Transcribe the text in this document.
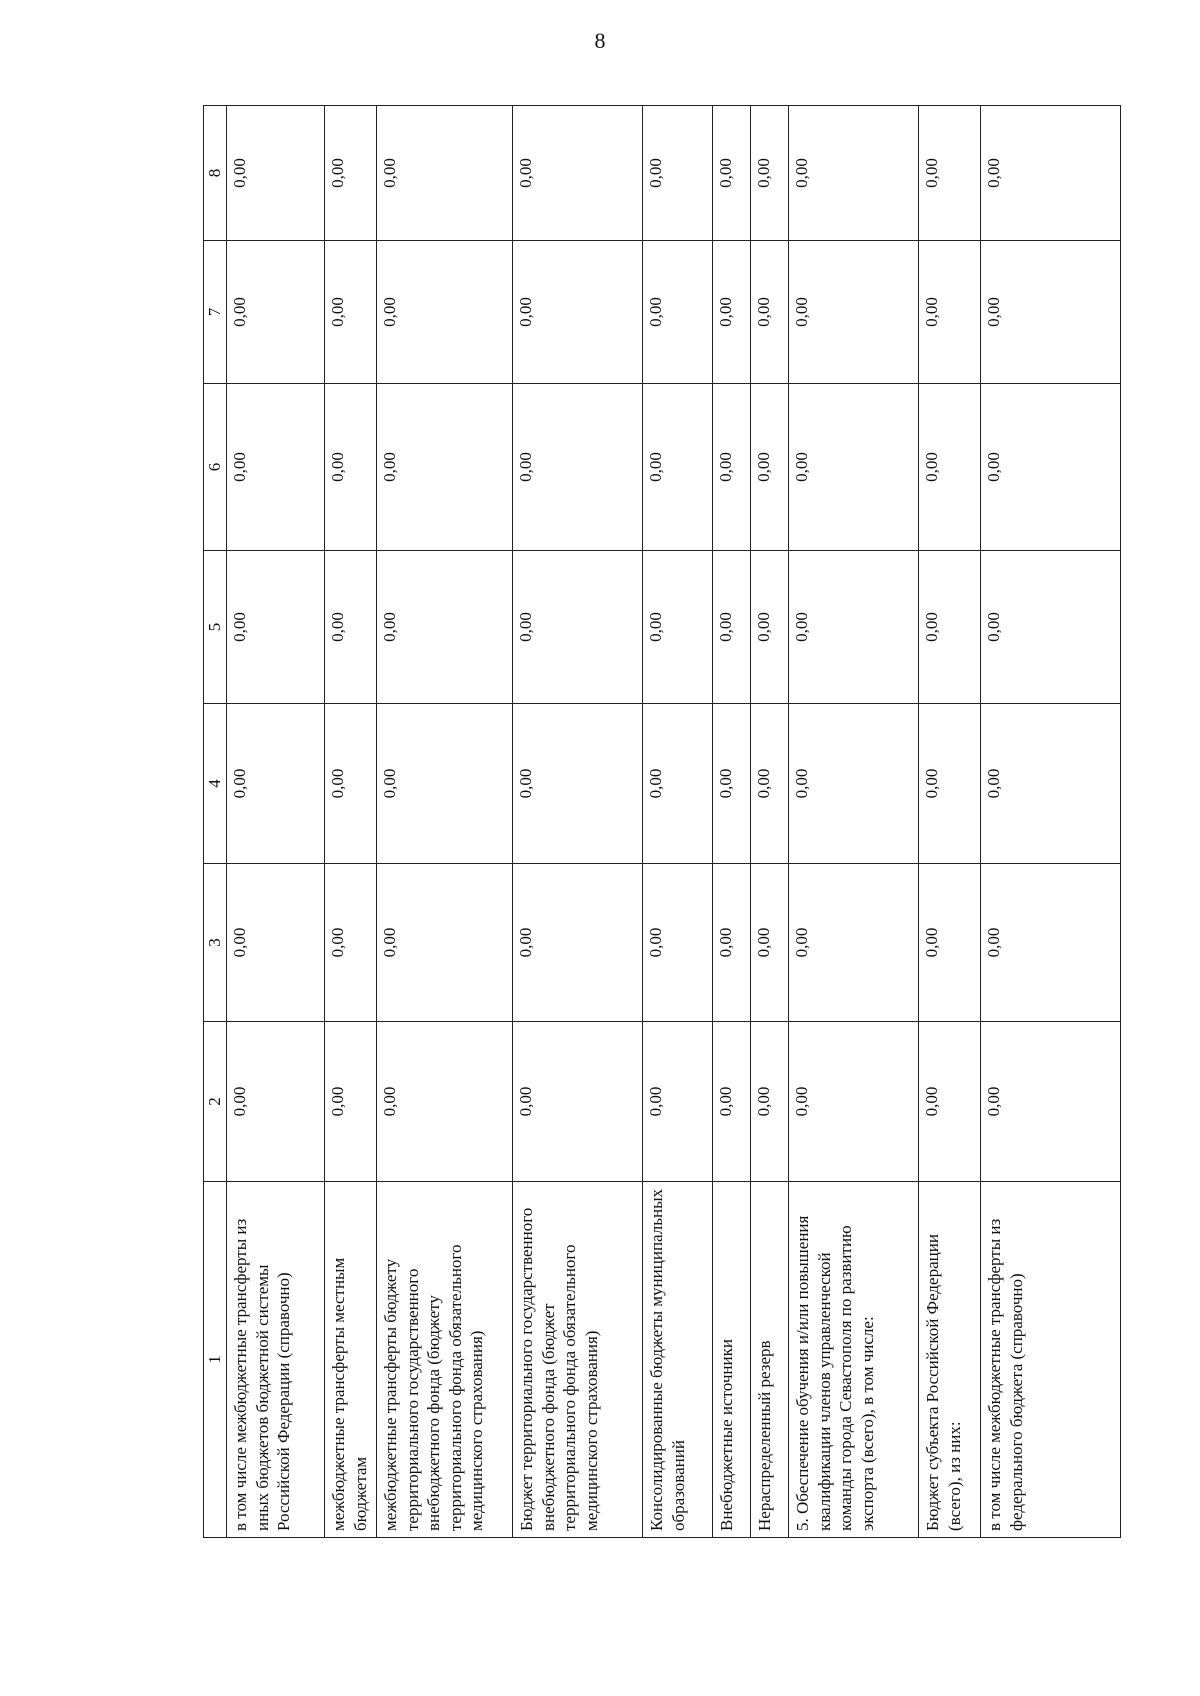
8
1	2	3	4	5	6	7	8
в том числе межбюджетные трансферты из иных бюджетов бюджетной системы Российской Федерации (справочно)	0,00	0,00	0,00	0,00	0,00	0,00	0,00
межбюджетные трансферты местным бюджетам	0,00	0,00	0,00	0,00	0,00	0,00	0,00
межбюджетные трансферты бюджету территориального государственного внебюджетного фонда (бюджету территориального фонда обязательного медицинского страхования)	0,00	0,00	0,00	0,00	0,00	0,00	0,00
Бюджет территориального государственного внебюджетного фонда (бюджет территориального фонда обязательного медицинского страхования)	0,00	0,00	0,00	0,00	0,00	0,00	0,00
Консолидированные бюджеты муниципальных образований	0,00	0,00	0,00	0,00	0,00	0,00	0,00
Внебюджетные источники	0,00	0,00	0,00	0,00	0,00	0,00	0,00
Нераспределенный резерв	0,00	0,00	0,00	0,00	0,00	0,00	0,00
5. Обеспечение обучения и/или повышения квалификации членов управленческой команды города Севастополя по развитию экспорта (всего), в том числе:	0,00	0,00	0,00	0,00	0,00	0,00	0,00
Бюджет субъекта Российской Федерации (всего), из них:	0,00	0,00	0,00	0,00	0,00	0,00	0,00
в том числе межбюджетные трансферты из федерального бюджета (справочно)	0,00	0,00	0,00	0,00	0,00	0,00	0,00
